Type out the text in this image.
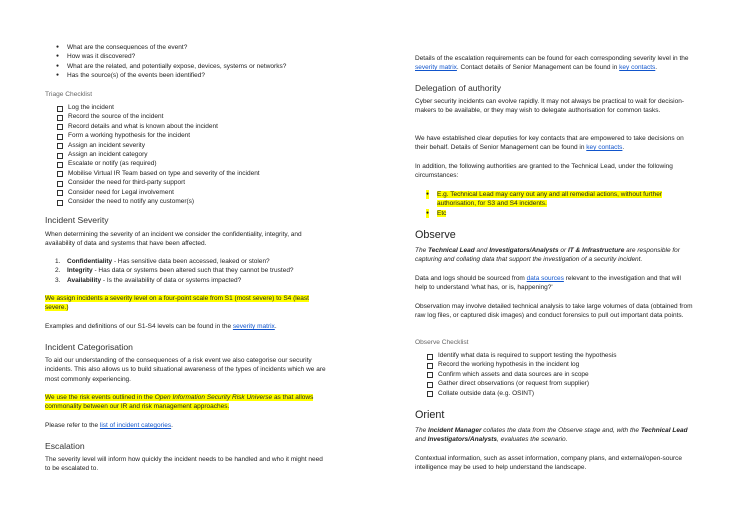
● What are the consequences of the event?
● How was it discovered?
● What are the related, and potentially expose, devices, systems or networks?
● Has the source(s) of the events been identified?
Triage Checklist
Log the incident
Record the source of the incident
Record details and what is known about the incident
Form a working hypothesis for the incident
Assign an incident severity
Assign an incident category
Escalate or notify (as required)
Mobilise Virtual IR Team based on type and severity of the incident
Consider the need for third-party support
Consider need for Legal involvement
Consider the need to notify any customer(s)
Incident Severity
When determining the severity of an incident we consider the confidentiality, integrity, and availability of data and systems that have been affected.
1. Confidentiality - Has sensitive data been accessed, leaked or stolen?
2. Integrity - Has data or systems been altered such that they cannot be trusted?
3. Availability - Is the availability of data or systems impacted?
We assign incidents a severity level on a four-point scale from S1 (most severe) to S4 (least severe.)
Examples and definitions of our S1-S4 levels can be found in the severity matrix.
Incident Categorisation
To aid our understanding of the consequences of a risk event we also categorise our security incidents. This also allows us to build situational awareness of the types of incidents which we are most commonly experiencing.
We use the risk events outlined in the Open Information Security Risk Universe as that allows commonality between our IR and risk management approaches.
Please refer to the list of incident categories.
Escalation
The severity level will inform how quickly the incident needs to be handled and who it might need to be escalated to.
Details of the escalation requirements can be found for each corresponding severity level in the severity matrix. Contact details of Senior Management can be found in key contacts.
Delegation of authority
Cyber security incidents can evolve rapidly. It may not always be practical to wait for decision-makers to be available, or they may wish to delegate authorisation for common tasks.
We have established clear deputies for key contacts that are empowered to take decisions on their behalf. Details of Senior Management can be found in key contacts.
In addition, the following authorities are granted to the Technical Lead, under the following circumstances:
● E.g. Technical Lead may carry out any and all remedial actions, without further authorisation, for S3 and S4 incidents.
● Etc
Observe
The Technical Lead and Investigators/Analysts or IT & Infrastructure are responsible for capturing and collating data that support the investigation of a security incident.
Data and logs should be sourced from data sources relevant to the investigation and that will help to understand 'what has, or is, happening?'
Observation may involve detailed technical analysis to take large volumes of data (obtained from raw log files, or captured disk images) and conduct forensics to pull out important data points.
Observe Checklist
Identify what data is required to support testing the hypothesis
Record the working hypothesis in the incident log
Confirm which assets and data sources are in scope
Gather direct observations (or request from supplier)
Collate outside data (e.g. OSINT)
Orient
The Incident Manager collates the data from the Observe stage and, with the Technical Lead and Investigators/Analysts, evaluates the scenario.
Contextual information, such as asset information, company plans, and external/open-source intelligence may be used to help understand the landscape.
